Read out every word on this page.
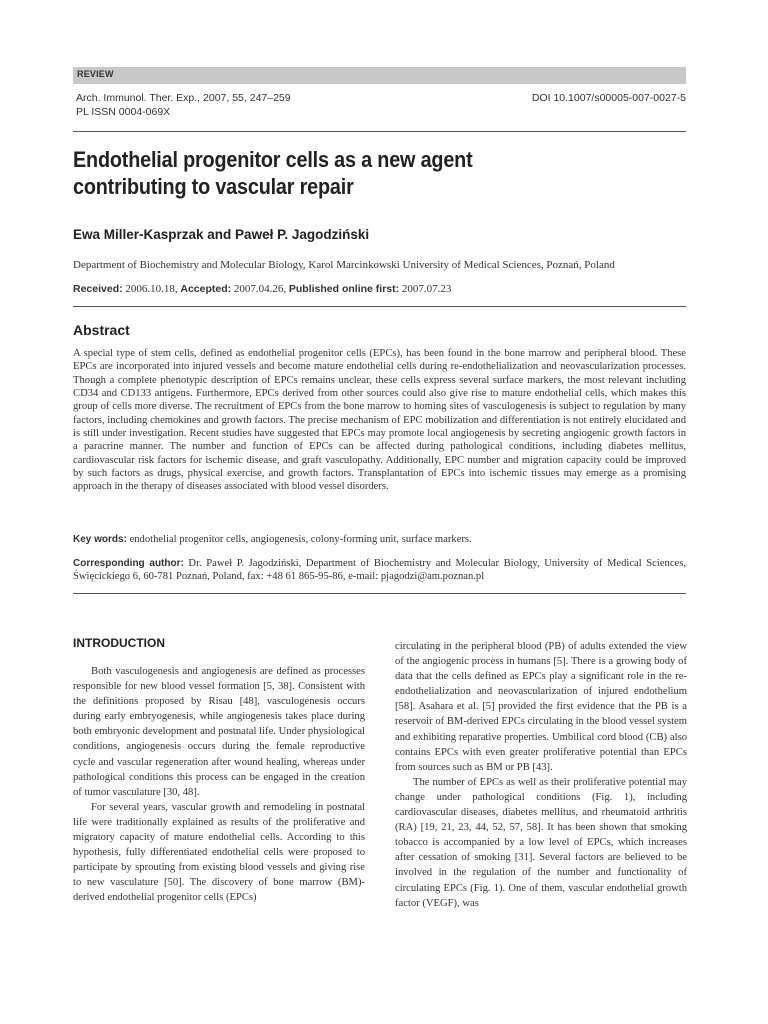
REVIEW
Arch. Immunol. Ther. Exp., 2007, 55, 247–259
PL ISSN 0004-069X
DOI 10.1007/s00005-007-0027-5
Endothelial progenitor cells as a new agent
contributing to vascular repair
Ewa Miller-Kasprzak and Paweł P. Jagodziński
Department of Biochemistry and Molecular Biology, Karol Marcinkowski University of Medical Sciences, Poznań, Poland
Received: 2006.10.18, Accepted: 2007.04.26, Published online first: 2007.07.23
Abstract

A special type of stem cells, defined as endothelial progenitor cells (EPCs), has been found in the bone marrow and peripheral blood. These EPCs are incorporated into injured vessels and become mature endothelial cells during re-endothelialization and neovascularization processes. Though a complete phenotypic description of EPCs remains unclear, these cells express several surface markers, the most relevant including CD34 and CD133 antigens. Furthermore, EPCs derived from other sources could also give rise to mature endothelial cells, which makes this group of cells more diverse. The recruitment of EPCs from the bone marrow to homing sites of vasculogenesis is subject to regulation by many factors, including chemokines and growth factors. The precise mechanism of EPC mobilization and differentiation is not entirely elucidated and is still under investigation. Recent studies have suggested that EPCs may promote local angiogenesis by secreting angiogenic growth factors in a paracrine manner. The number and function of EPCs can be affected during pathological conditions, including diabetes mellitus, cardiovascular risk factors for ischemic disease, and graft vasculopathy. Additionally, EPC number and migration capacity could be improved by such factors as drugs, physical exercise, and growth factors. Transplantation of EPCs into ischemic tissues may emerge as a promising approach in the therapy of diseases associated with blood vessel disorders.

Key words: endothelial progenitor cells, angiogenesis, colony-forming unit, surface markers.

Corresponding author: Dr. Paweł P. Jagodziński, Department of Biochemistry and Molecular Biology, University of Medical Sciences, Święcickiego 6, 60-781 Poznań, Poland, fax: +48 61 865-95-86, e-mail: pjagodzi@am.poznan.pl

INTRODUCTION

Both vasculogenesis and angiogenesis are defined as processes responsible for new blood vessel formation [5, 38]. Consistent with the definitions proposed by Risau [48], vasculogenesis occurs during early embryogenesis, while angiogenesis takes place during both embryonic development and postnatal life. Under physiological conditions, angiogenesis occurs during the female reproductive cycle and vascular regeneration after wound healing, whereas under pathological conditions this process can be engaged in the creation of tumor vasculature [30, 48].

For several years, vascular growth and remodeling in postnatal life were traditionally explained as results of the proliferative and migratory capacity of mature endothelial cells. According to this hypothesis, fully differentiated endothelial cells were proposed to participate by sprouting from existing blood vessels and giving rise to new vasculature [50]. The discovery of bone marrow (BM)-derived endothelial progenitor cells (EPCs)

circulating in the peripheral blood (PB) of adults extended the view of the angiogenic process in humans [5]. There is a growing body of data that the cells defined as EPCs play a significant role in the re-endothelialization and neovascularization of injured endothelium [58]. Asahara et al. [5] provided the first evidence that the PB is a reservoir of BM-derived EPCs circulating in the blood vessel system and exhibiting reparative properties. Umbilical cord blood (CB) also contains EPCs with even greater proliferative potential than EPCs from sources such as BM or PB [43].

The number of EPCs as well as their proliferative potential may change under pathological conditions (Fig. 1), including cardiovascular diseases, diabetes mellitus, and rheumatoid arthritis (RA) [19, 21, 23, 44, 52, 57, 58]. It has been shown that smoking tobacco is accompanied by a low level of EPCs, which increases after cessation of smoking [31]. Several factors are believed to be involved in the regulation of the number and functionality of circulating EPCs (Fig. 1). One of them, vascular endothelial growth factor (VEGF), was
